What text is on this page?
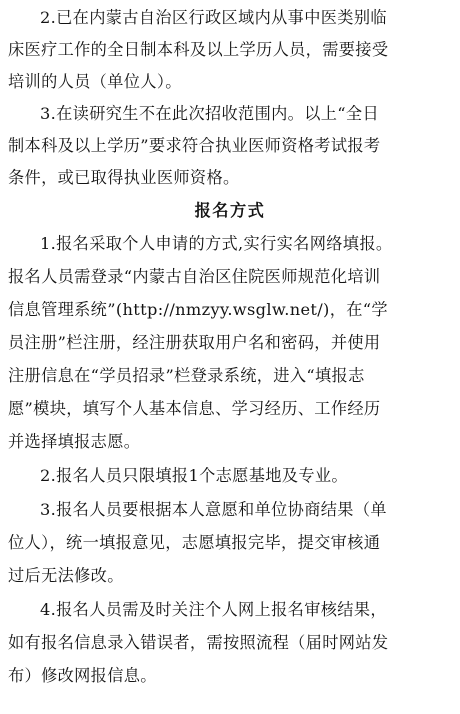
2.已在内蒙古自治区行政区域内从事中医类别临
床医疗工作的全日制本科及以上学历人员，需要接受
培训的人员（单位人）。
3.在读研究生不在此次招收范围内。以上“全日
制本科及以上学历”要求符合执业医师资格考试报考
条件，或已取得执业医师资格。
报名方式
1.报名采取个人申请的方式,实行实名网络填报。
报名人员需登录“内蒙古自治区住院医师规范化培训
信息管理系统”(http://nmzyy.wsglw.net/)，在“学
员注册”栏注册，经注册获取用户名和密码，并使用
注册信息在“学员招录”栏登录系统，进入“填报志
愿”模块，填写个人基本信息、学习经历、工作经历
并选择填报志愿。
2.报名人员只限填报1个志愿基地及专业。
3.报名人员要根据本人意愿和单位协商结果（单
位人），统一填报意见，志愿填报完毕，提交审核通
过后无法修改。
4.报名人员需及时关注个人网上报名审核结果，
如有报名信息录入错误者，需按照流程（届时网站发
布）修改网报信息。
